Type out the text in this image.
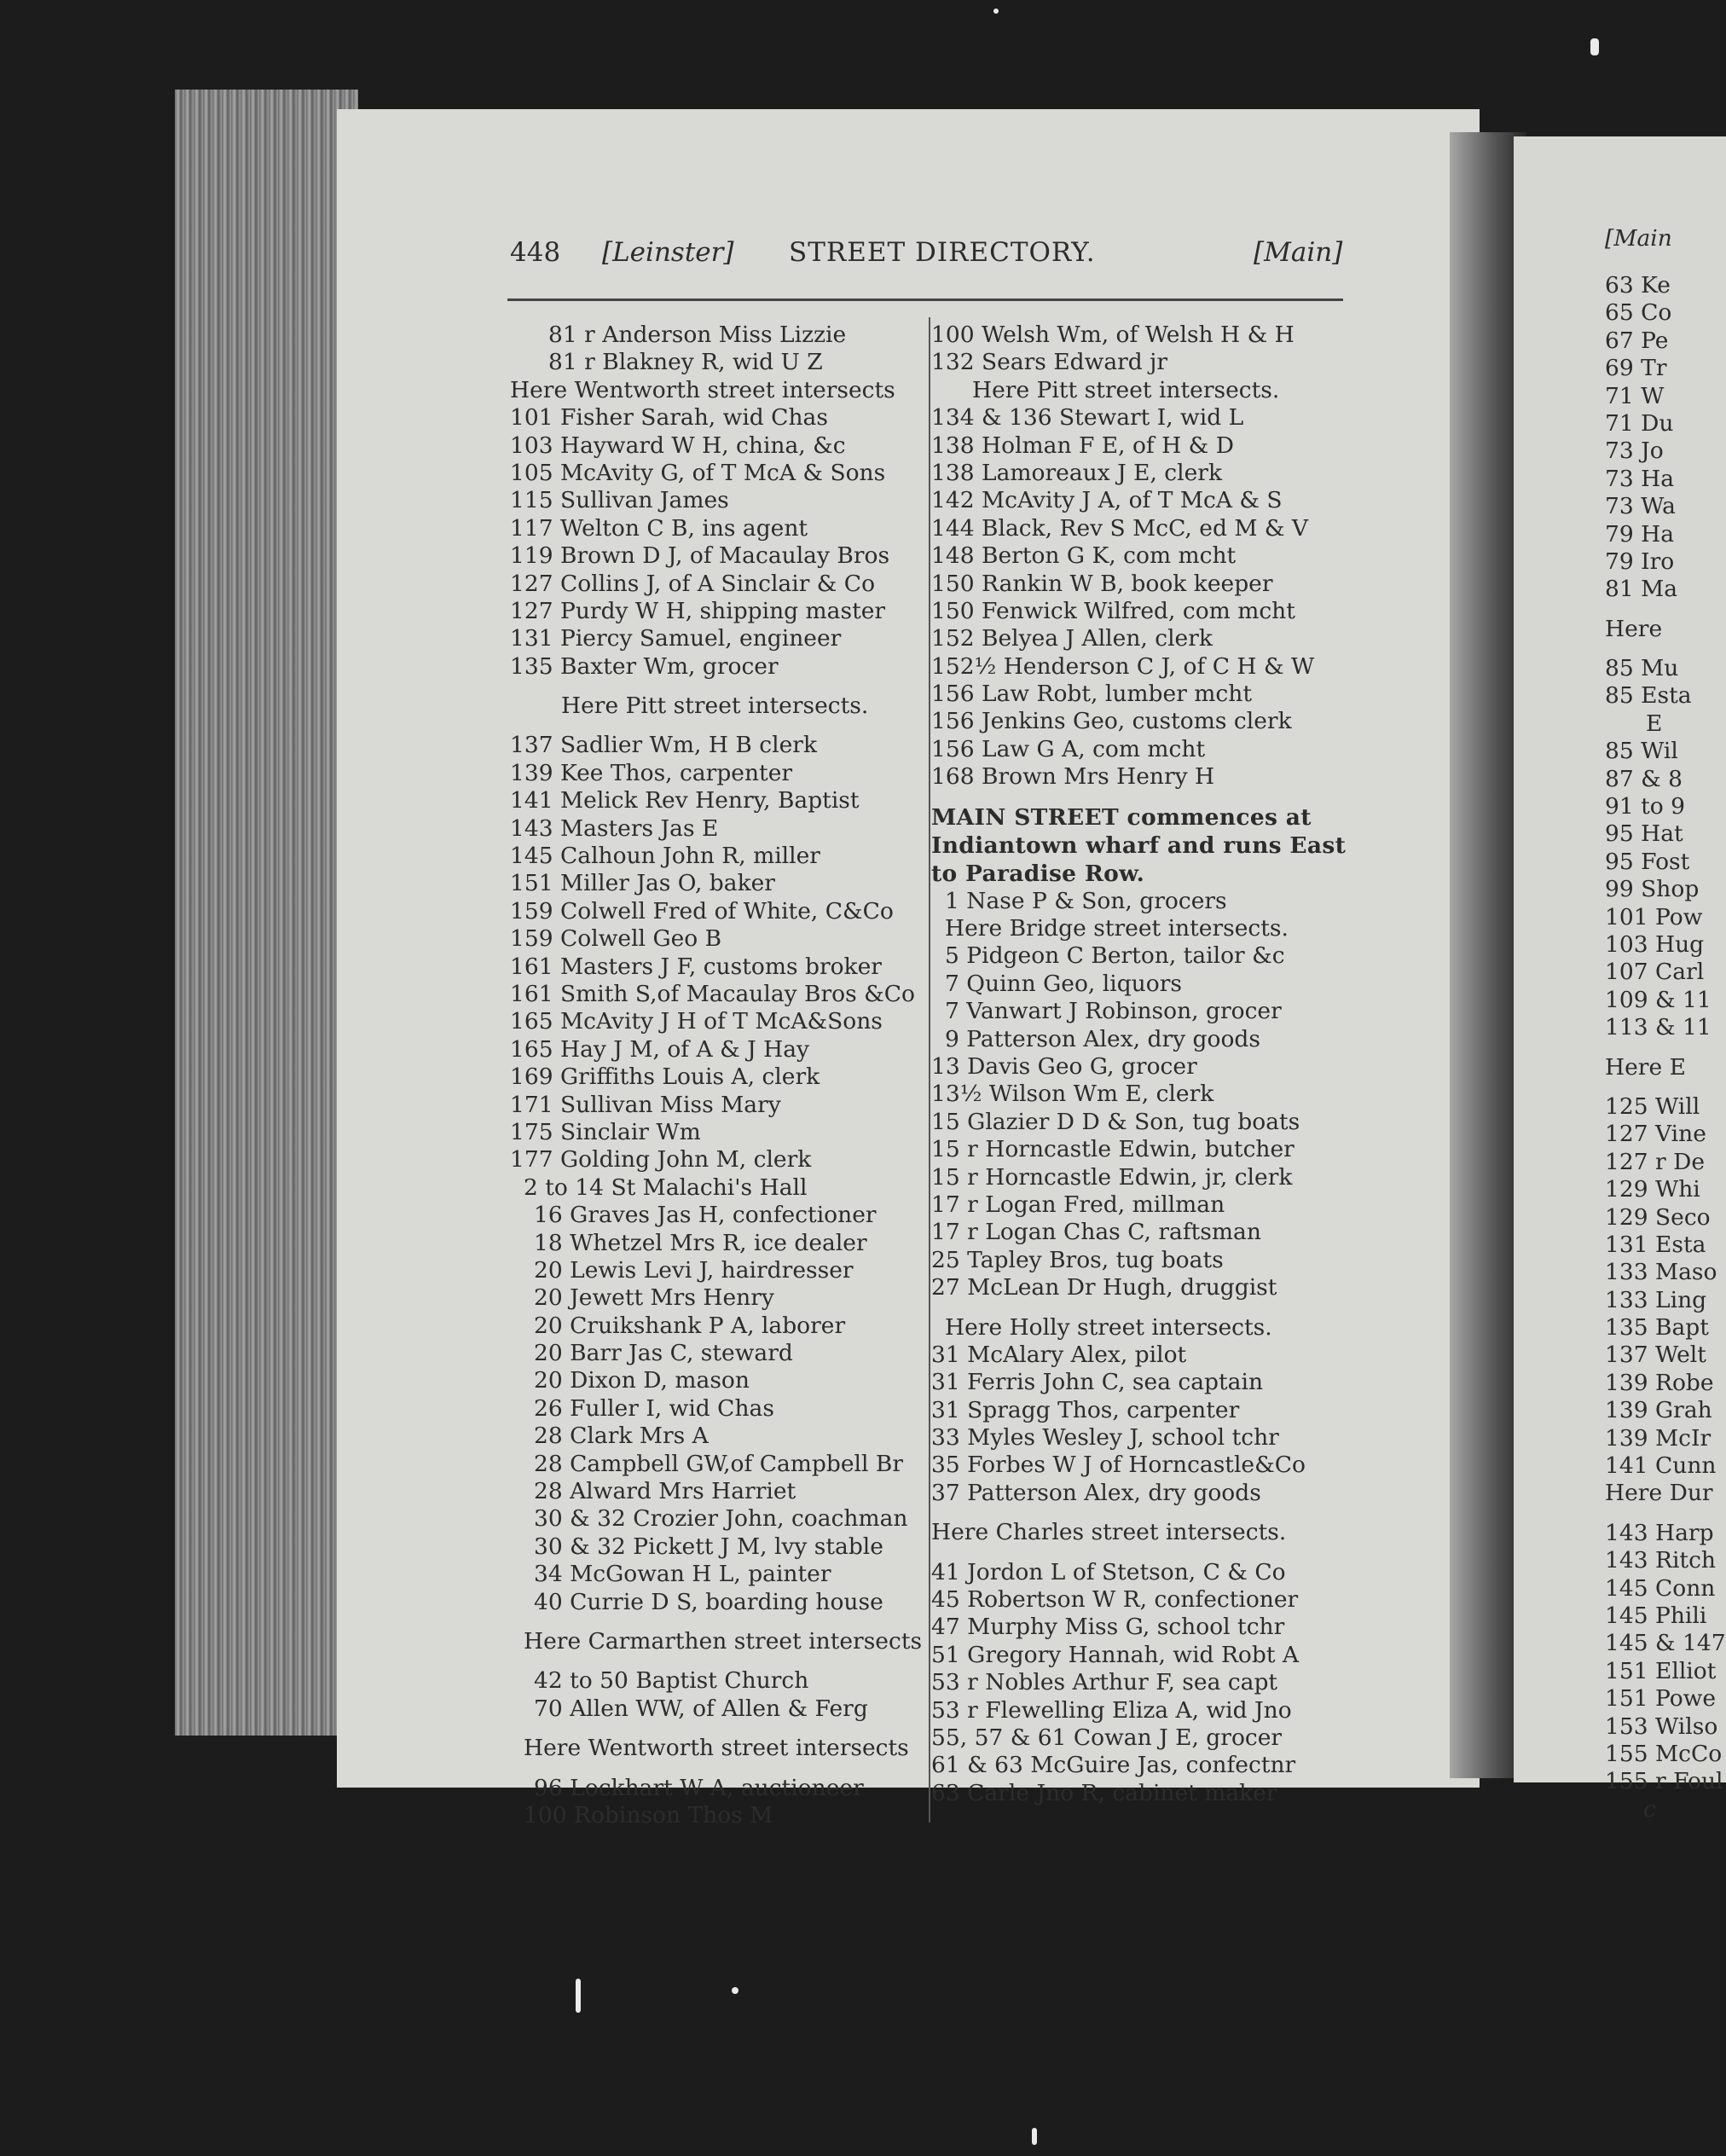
448 [Leinster] STREET DIRECTORY.	[Main]
81 r Anderson Miss Lizzie
81 r Blakney R, wid U Z
Here Wentworth street intersects
101 Fisher Sarah, wid Chas
103 Hayward W H, china, &c
105 McAvity G, of T McA & Sons
115 Sullivan James
117 Welton C B, ins agent
119 Brown D J, of Macaulay Bros
127 Collins J, of A Sinclair & Co
127 Purdy W H, shipping master
131 Piercy Samuel, engineer
135 Baxter Wm, grocer
Here Pitt street intersects.
137 Sadlier Wm, H B clerk
139 Kee Thos, carpenter
141 Melick Rev Henry, Baptist
143 Masters Jas E
145 Calhoun John R, miller
151 Miller Jas O, baker
159 Colwell Fred of White, C&Co
159 Colwell Geo B
161 Masters J F, customs broker
161 Smith S,of Macaulay Bros &Co
165 McAvity J H of T McA&Sons
165 Hay J M, of A & J Hay
169 Griffiths Louis A, clerk
171 Sullivan Miss Mary
175 Sinclair Wm
177 Golding John M, clerk
2 to 14 St Malachi's Hall
16 Graves Jas H, confectioner
18 Whetzel Mrs R, ice dealer
20 Lewis Levi J, hairdresser
20 Jewett Mrs Henry
20 Cruikshank P A, laborer
20 Barr Jas C, steward
20 Dixon D, mason
26 Fuller I, wid Chas
28 Clark Mrs A
28 Campbell GW,of Campbell Br
28 Alward Mrs Harriet
30 & 32 Crozier John, coachman
30 & 32 Pickett J M, lvy stable
34 McGowan H L, painter
40 Currie D S, boarding house
Here Carmarthen street intersects
42 to 50 Baptist Church
70 Allen WW, of Allen & Ferg
Here Wentworth street intersects
96 Lockhart W A, auctioneer
100 Robinson Thos M
100 Welsh Wm, of Welsh H & H
132 Sears Edward jr
Here Pitt street intersects.
134 & 136 Stewart I, wid L
138 Holman F E, of H & D
138 Lamoreaux J E, clerk
142 McAvity J A, of T McA & S
144 Black, Rev S McC, ed M & V
148 Berton G K, com mcht
150 Rankin W B, book keeper
150 Fenwick Wilfred, com mcht
152 Belyea J Allen, clerk
152½ Henderson C J, of C H & W
156 Law Robt, lumber mcht
156 Jenkins Geo, customs clerk
156 Law G A, com mcht
168 Brown Mrs Henry H
MAIN STREET commences at Indiantown wharf and runs East to Paradise Row.
1 Nase P & Son, grocers
Here Bridge street intersects.
5 Pidgeon C Berton, tailor &c
7 Quinn Geo, liquors
7 Vanwart J Robinson, grocer
9 Patterson Alex, dry goods
13 Davis Geo G, grocer
13½ Wilson Wm E, clerk
15 Glazier D D & Son, tug boats
15 r Horncastle Edwin, butcher
15 r Horncastle Edwin, jr, clerk
17 r Logan Fred, millman
17 r Logan Chas C, raftsman
25 Tapley Bros, tug boats
27 McLean Dr Hugh, druggist
Here Holly street intersects.
31 McAlary Alex, pilot
31 Ferris John C, sea captain
31 Spragg Thos, carpenter
33 Myles Wesley J, school tchr
35 Forbes W J of Horncastle&Co
37 Patterson Alex, dry goods
Here Charles street intersects.
41 Jordon L of Stetson, C & Co
45 Robertson W R, confectioner
47 Murphy Miss G, school tchr
51 Gregory Hannah, wid Robt A
53 r Nobles Arthur F, sea capt
53 r Flewelling Eliza A, wid Jno
55, 57 & 61 Cowan J E, grocer
61 & 63 McGuire Jas, confectnr
63 Carle Jno R, cabinet maker
[Main
63 Ke
65 Co
67 Pe
69 Tr
71 W
71 Du
73 Jo
73 Ha
73 Wa
79 Ha
79 Iro
81 Ma
Here
85 Mu
85 Esta
E
85 Wil
87 & 8
91 to 9
95 Hat
95 Fost
99 Shop
101 Pow
103 Hug
107 Carl
109 & 11
113 & 11
Here E
125 Will
127 Vine
127 r De
129 Whi
129 Seco
131 Esta
133 Maso
133 Ling
135 Bapt
137 Welt
139 Robe
139 Grah
139 McIr
141 Cunn
Here Dur
143 Harp
143 Ritch
145 Conn
145 Phili
145 & 147
151 Elliot
151 Powe
153 Wilso
155 McCo
155 r Foul
c
